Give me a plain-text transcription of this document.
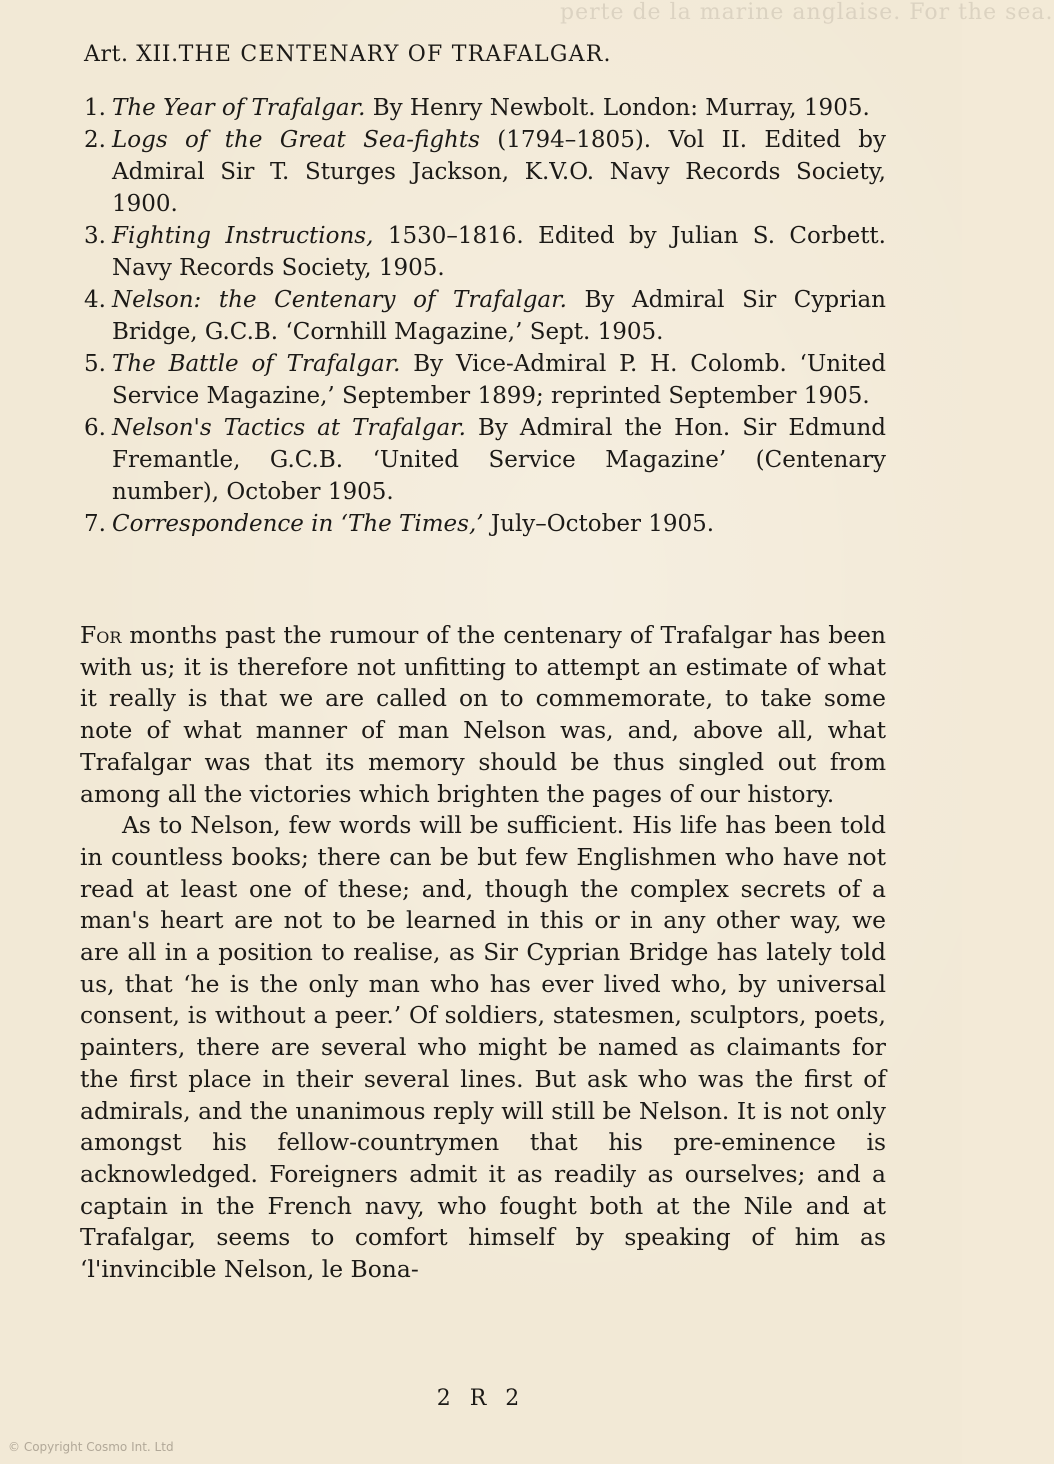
perte de la marine anglaise. For the sea.
Art. XII.THE CENTENARY OF TRAFALGAR.
1. The Year of Trafalgar. By Henry Newbolt. London: Murray, 1905.
2. Logs of the Great Sea-fights (1794–1805). Vol II. Edited by Admiral Sir T. Sturges Jackson, K.V.O. Navy Records Society, 1900.
3. Fighting Instructions, 1530–1816. Edited by Julian S. Corbett. Navy Records Society, 1905.
4. Nelson: the Centenary of Trafalgar. By Admiral Sir Cyprian Bridge, G.C.B. ‘Cornhill Magazine,’ Sept. 1905.
5. The Battle of Trafalgar. By Vice-Admiral P. H. Colomb. ‘United Service Magazine,’ September 1899; reprinted September 1905.
6. Nelson's Tactics at Trafalgar. By Admiral the Hon. Sir Edmund Fremantle, G.C.B. ‘United Service Magazine’ (Centenary number), October 1905.
7. Correspondence in ‘The Times,’ July–October 1905.

For months past the rumour of the centenary of Trafalgar has been with us; it is therefore not unfitting to attempt an estimate of what it really is that we are called on to commemorate, to take some note of what manner of man Nelson was, and, above all, what Trafalgar was that its memory should be thus singled out from among all the victories which brighten the pages of our history.

As to Nelson, few words will be sufficient. His life has been told in countless books; there can be but few Englishmen who have not read at least one of these; and, though the complex secrets of a man's heart are not to be learned in this or in any other way, we are all in a position to realise, as Sir Cyprian Bridge has lately told us, that ‘he is the only man who has ever lived who, by universal consent, is without a peer.’ Of soldiers, statesmen, sculptors, poets, painters, there are several who might be named as claimants for the first place in their several lines. But ask who was the first of admirals, and the unanimous reply will still be Nelson. It is not only amongst his fellow-countrymen that his pre-eminence is acknowledged. Foreigners admit it as readily as ourselves; and a captain in the French navy, who fought both at the Nile and at Trafalgar, seems to comfort himself by speaking of him as ‘l'invincible Nelson, le Bona-

2 R 2
© Copyright Cosmo Int. Ltd
